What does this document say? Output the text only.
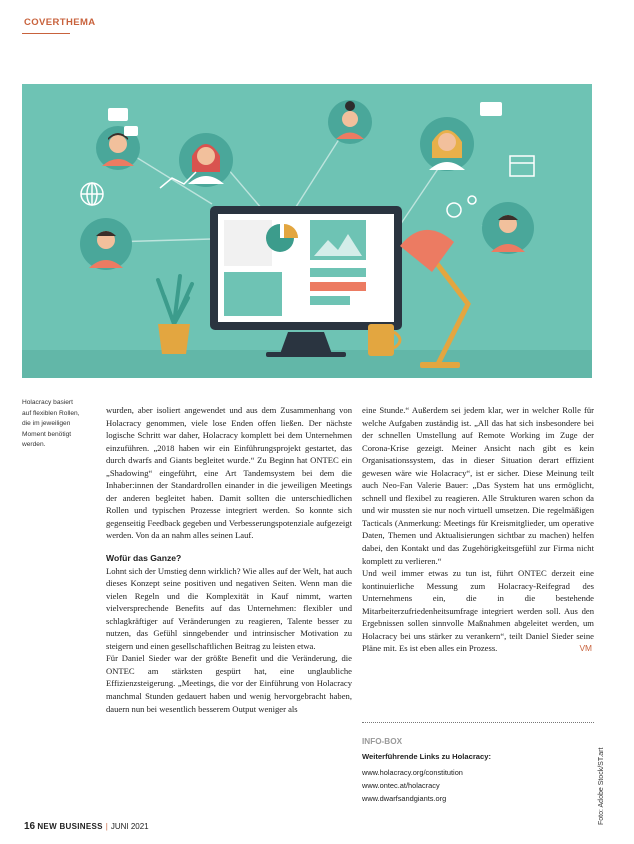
COVERTHEMA
Holacracy basiert auf flexiblen Rollen, die im jeweiligen Moment benötigt werden.

wurden, aber isoliert angewendet und aus dem Zusammenhang von Holacracy genommen, viele lose Enden offen ließen. Der nächste logische Schritt war daher, Holacracy komplett bei dem Unternehmen einzuführen. „2018 haben wir ein Einführungsprojekt gestartet, das durch dwarfs and Giants begleitet wurde.“ Zu Beginn hat ONTEC ein „Shadowing“ eingeführt, eine Art Tandemsystem bei dem die Inhaber:innen der Standardrollen einander in die jeweiligen Meetings der anderen begleitet haben. Damit sollten die unterschiedlichen Rollen und typischen Prozesse integriert werden. So konnte sich gegenseitig Feedback gegeben und Verbesserungspotenziale aufgezeigt werden. Von da an nahm alles seinen Lauf.

Wofür das Ganze?

Lohnt sich der Umstieg denn wirklich? Wie alles auf der Welt, hat auch dieses Konzept seine positiven und negativen Seiten. Wenn man die vielen Regeln und die Komplexität in Kauf nimmt, warten vielversprechende Benefits auf das Unternehmen: flexibler und schlagkräftiger auf Veränderungen zu reagieren, Talente besser zu nutzen, das Gefühl sinngebender und intrinsischer Motivation zu steigern und einen gesellschaftlichen Beitrag zu leisten etwa.

Für Daniel Sieder war der größte Benefit und die Veränderung, die ONTEC am stärksten gespürt hat, eine unglaubliche Effizienzsteigerung. „Meetings, die vor der Einführung von Holacracy manchmal Stunden gedauert haben und wenig hervorgebracht haben, dauern nun bei wesentlich besserem Output weniger als

eine Stunde.“ Außerdem sei jedem klar, wer in welcher Rolle für welche Aufgaben zuständig ist. „All das hat sich insbesondere bei der schnellen Umstellung auf Remote Working im Zuge der Corona-Krise gezeigt. Meiner Ansicht nach gibt es kein Organisationssystem, das in dieser Situation derart effizient gewesen wäre wie Holacracy“, ist er sicher. Diese Meinung teilt auch Neo-Fan Valerie Bauer: „Das System hat uns ermöglicht, schnell und flexibel zu reagieren. Alle Strukturen waren schon da und wir mussten sie nur noch virtuell umsetzen. Die regelmäßigen Tacticals (Anmerkung: Meetings für Kreismitglieder, um operative Daten, Themen und Aktualisierungen sichtbar zu machen) helfen dabei, den Kontakt und das Zugehörigkeitsgefühl zur Firma nicht komplett zu verlieren.“

Und weil immer etwas zu tun ist, führt ONTEC derzeit eine kontinuierliche Messung zum Holacracy-Reifegrad des Unternehmens ein, die in die bestehende Mitarbeiterzufriedenheitsumfrage integriert werden soll. Aus den Ergebnissen sollen sinnvolle Maßnahmen abgeleitet werden, um Holacracy bei uns stärker zu verankern“, teilt Daniel Sieder seine Pläne mit. Es ist eben alles ein Prozess.	VM

INFO-BOX
Weiterführende Links zu Holacracy:
www.holacracy.org/constitution
www.ontec.at/holacracy
www.dwarfsandgiants.org	Foto: Adobe Stock/ST.art
16 NEW BUSINESS | JUNI 2021
